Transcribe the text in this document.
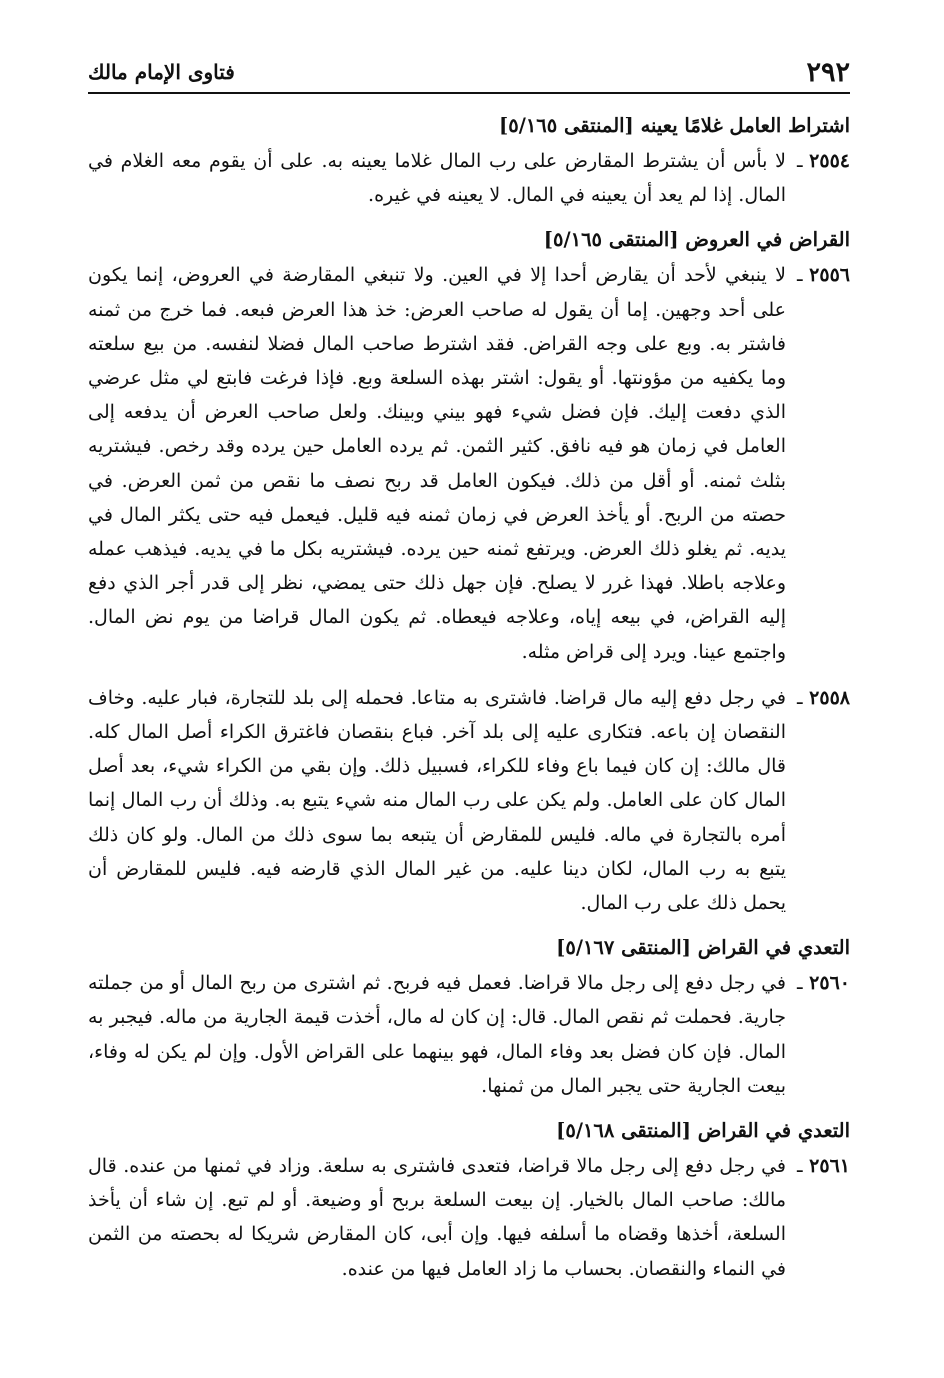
٢٩٢
فتاوى الإمام مالك
اشتراط العامل غلامًا يعينه [المنتقى ٥/١٦٥]
٢٥٥٤ ـ
لا بأس أن يشترط المقارض على رب المال غلاما يعينه به. على أن يقوم معه الغلام في المال. إذا لم يعد أن يعينه في المال. لا يعينه في غيره.
القراض في العروض [المنتقى ٥/١٦٥]
٢٥٥٦ ـ
لا ينبغي لأحد أن يقارض أحدا إلا في العين. ولا تنبغي المقارضة في العروض، إنما يكون على أحد وجهين. إما أن يقول له صاحب العرض: خذ هذا العرض فبعه. فما خرج من ثمنه فاشتر به. وبع على وجه القراض. فقد اشترط صاحب المال فضلا لنفسه. من بيع سلعته وما يكفيه من مؤونتها. أو يقول: اشتر بهذه السلعة وبع. فإذا فرغت فابتع لي مثل عرضي الذي دفعت إليك. فإن فضل شيء فهو بيني وبينك. ولعل صاحب العرض أن يدفعه إلى العامل في زمان هو فيه نافق. كثير الثمن. ثم يرده العامل حين يرده وقد رخص. فيشتريه بثلث ثمنه. أو أقل من ذلك. فيكون العامل قد ربح نصف ما نقص من ثمن العرض. في حصته من الربح. أو يأخذ العرض في زمان ثمنه فيه قليل. فيعمل فيه حتى يكثر المال في يديه. ثم يغلو ذلك العرض. ويرتفع ثمنه حين يرده. فيشتريه بكل ما في يديه. فيذهب عمله وعلاجه باطلا. فهذا غرر لا يصلح. فإن جهل ذلك حتى يمضي، نظر إلى قدر أجر الذي دفع إليه القراض، في بيعه إياه، وعلاجه فيعطاه. ثم يكون المال قراضا من يوم نض المال. واجتمع عينا. ويرد إلى قراض مثله.
٢٥٥٨ ـ
في رجل دفع إليه مال قراضا. فاشترى به متاعا. فحمله إلى بلد للتجارة، فبار عليه. وخاف النقصان إن باعه. فتكارى عليه إلى بلد آخر. فباع بنقصان فاغترق الكراء أصل المال كله. قال مالك: إن كان فيما باع وفاء للكراء، فسبيل ذلك. وإن بقي من الكراء شيء، بعد أصل المال كان على العامل. ولم يكن على رب المال منه شيء يتبع به. وذلك أن رب المال إنما أمره بالتجارة في ماله. فليس للمقارض أن يتبعه بما سوى ذلك من المال. ولو كان ذلك يتبع به رب المال، لكان دينا عليه. من غير المال الذي قارضه فيه. فليس للمقارض أن يحمل ذلك على رب المال.
التعدي في القراض [المنتقى ٥/١٦٧]
٢٥٦٠ ـ
في رجل دفع إلى رجل مالا قراضا. فعمل فيه فربح. ثم اشترى من ربح المال أو من جملته جارية. فحملت ثم نقص المال. قال: إن كان له مال، أخذت قيمة الجارية من ماله. فيجبر به المال. فإن كان فضل بعد وفاء المال، فهو بينهما على القراض الأول. وإن لم يكن له وفاء، بيعت الجارية حتى يجبر المال من ثمنها.
التعدي في القراض [المنتقى ٥/١٦٨]
٢٥٦١ ـ
في رجل دفع إلى رجل مالا قراضا، فتعدى فاشترى به سلعة. وزاد في ثمنها من عنده. قال مالك: صاحب المال بالخيار. إن بيعت السلعة بربح أو وضيعة. أو لم تبع. إن شاء أن يأخذ السلعة، أخذها وقضاه ما أسلفه فيها. وإن أبى، كان المقارض شريكا له بحصته من الثمن في النماء والنقصان. بحساب ما زاد العامل فيها من عنده.
